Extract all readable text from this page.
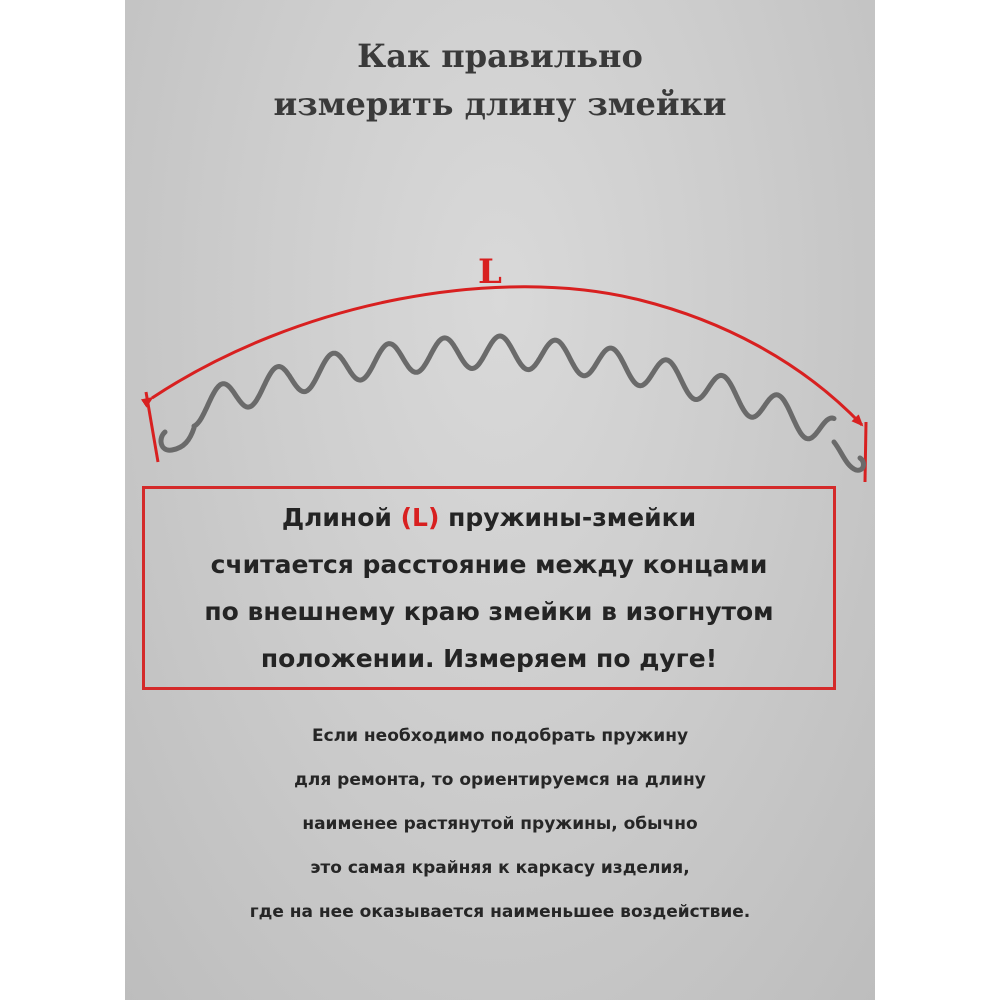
Как правильно
измерить длину змейки
L
Длиной (L) пружины-змейки
считается расстояние между концами
по внешнему краю змейки в изогнутом
положении. Измеряем по дуге!
Если необходимо подобрать пружину
для ремонта, то ориентируемся на длину
наименее растянутой пружины, обычно
это самая крайняя к каркасу изделия,
где на нее оказывается наименьшее воздействие.
